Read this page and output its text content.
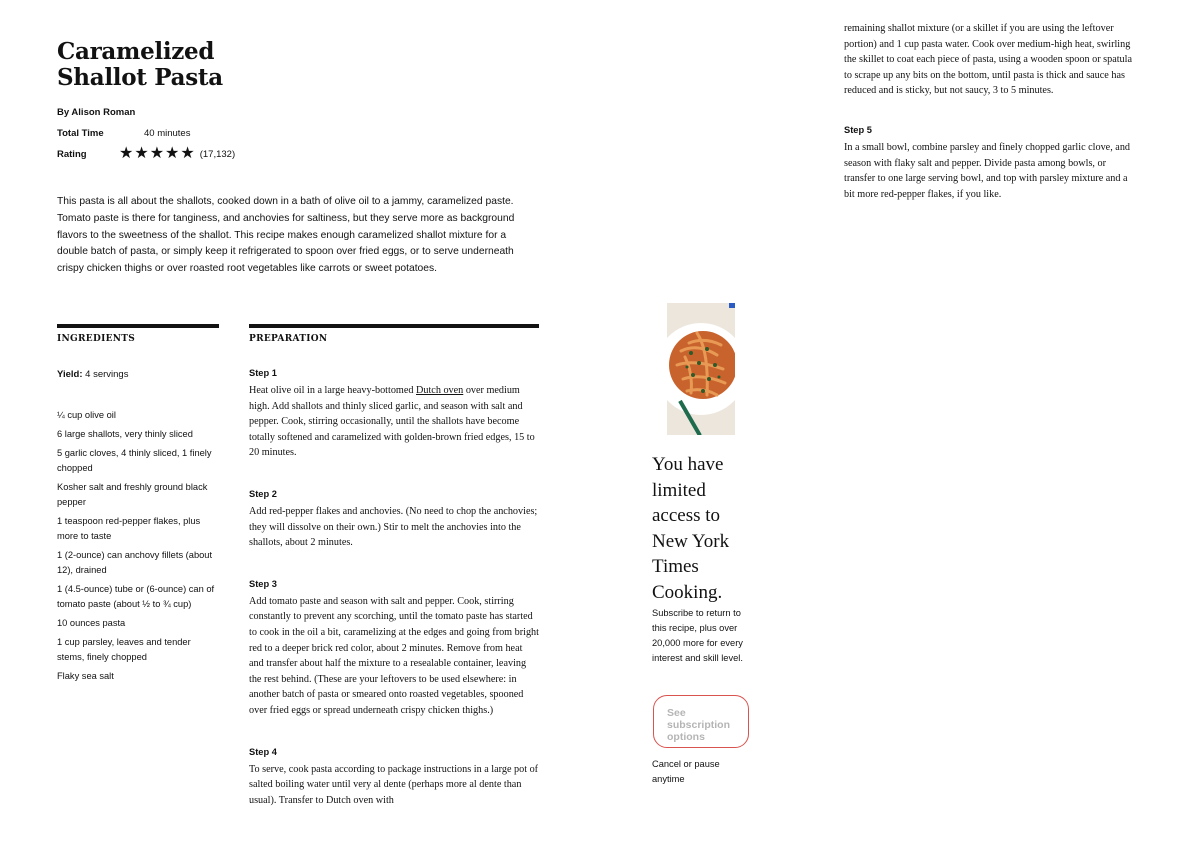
Caramelized Shallot Pasta
By Alison Roman
Total Time	40 minutes
Rating	★ ★ ★ ★ ★ (17,132)

This pasta is all about the shallots, cooked down in a bath of olive oil to a jammy, caramelized paste. Tomato paste is there for tanginess, and anchovies for saltiness, but they serve more as background flavors to the sweetness of the shallot. This recipe makes enough caramelized shallot mixture for a double batch of pasta, or simply keep it refrigerated to spoon over fried eggs, or to serve underneath crispy chicken thighs or over roasted root vegetables like carrots or sweet potatoes.

INGREDIENTS
Yield: 4 servings
¼ cup olive oil
6 large shallots, very thinly sliced
5 garlic cloves, 4 thinly sliced, 1 finely chopped
Kosher salt and freshly ground black pepper
1 teaspoon red-pepper flakes, plus more to taste
1 (2-ounce) can anchovy fillets (about 12), drained
1 (4.5-ounce) tube or (6-ounce) can of tomato paste (about ½ to ¾ cup)
10 ounces pasta
1 cup parsley, leaves and tender stems, finely chopped
Flaky sea salt
PREPARATION
Step 1
Heat olive oil in a large heavy-bottomed Dutch oven over medium high. Add shallots and thinly sliced garlic, and season with salt and pepper. Cook, stirring occasionally, until the shallots have become totally softened and caramelized with golden-brown fried edges, 15 to 20 minutes.
Step 2
Add red-pepper flakes and anchovies. (No need to chop the anchovies; they will dissolve on their own.) Stir to melt the anchovies into the shallots, about 2 minutes.
Step 3
Add tomato paste and season with salt and pepper. Cook, stirring constantly to prevent any scorching, until the tomato paste has started to cook in the oil a bit, caramelizing at the edges and going from bright red to a deeper brick red color, about 2 minutes. Remove from heat and transfer about half the mixture to a resealable container, leaving the rest behind. (These are your leftovers to be used elsewhere: in another batch of pasta or smeared onto roasted vegetables, spooned over fried eggs or spread underneath crispy chicken thighs.)
Step 4
To serve, cook pasta according to package instructions in a large pot of salted boiling water until very al dente (perhaps more al dente than usual). Transfer to Dutch oven with
remaining shallot mixture (or a skillet if you are using the leftover portion) and 1 cup pasta water. Cook over medium-high heat, swirling the skillet to coat each piece of pasta, using a wooden spoon or spatula to scrape up any bits on the bottom, until pasta is thick and sauce has reduced and is sticky, but not saucy, 3 to 5 minutes.
Step 5
In a small bowl, combine parsley and finely chopped garlic clove, and season with flaky salt and pepper. Divide pasta among bowls, or transfer to one large serving bowl, and top with parsley mixture and a bit more red-pepper flakes, if you like.
You have limited access to New York Times Cooking.
Subscribe to return to this recipe, plus over 20,000 more for every interest and skill level.
See subscription options
Cancel or pause anytime
